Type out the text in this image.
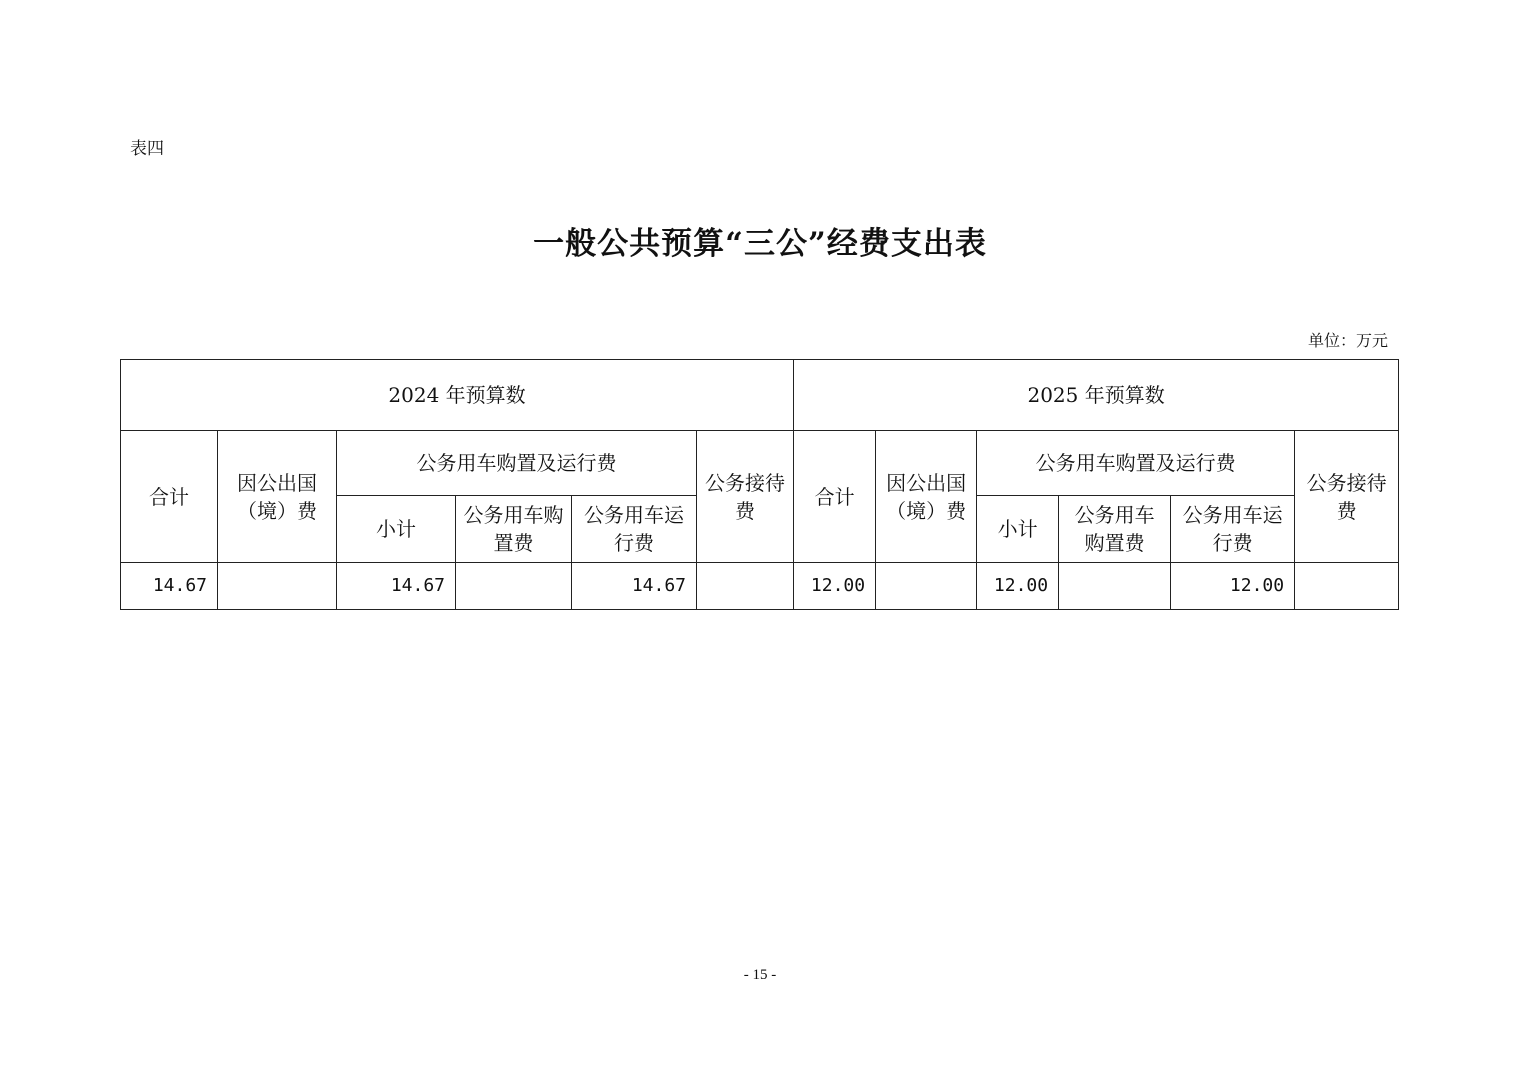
表四
一般公共预算“三公”经费支出表
单位：万元
2024 年预算数						2025 年预算数					
合计	因公出国（境）费	公务用车购置及运行费			公务接待费	合计	因公出国（境）费	公务用车购置及运行费			公务接待费
		小计	公务用车购置费	公务用车运行费				小计	公务用车购置费	公务用车运行费	
14.67		14.67		14.67		12.00		12.00		12.00	
- 15 -
